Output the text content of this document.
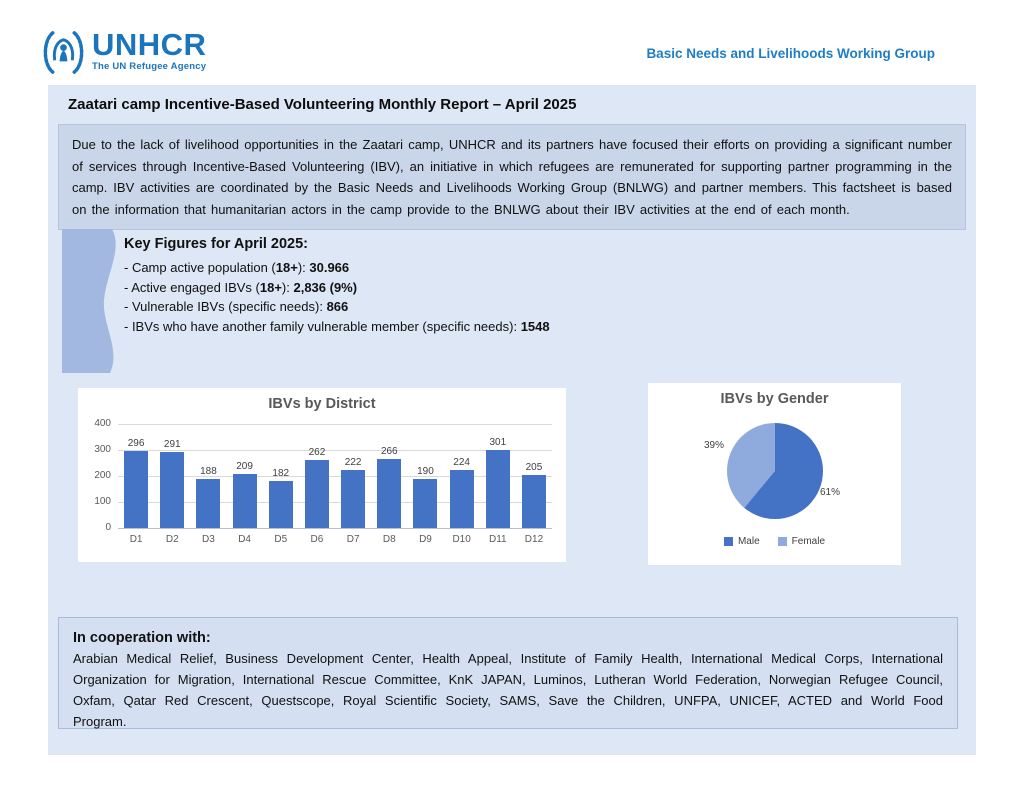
UNHCR
The UN Refugee Agency
Basic Needs and Livelihoods Working Group
Zaatari camp Incentive-Based Volunteering Monthly Report – April 2025
Due to the lack of livelihood opportunities in the Zaatari camp, UNHCR and its partners have focused their efforts on providing a significant number of services through Incentive-Based Volunteering (IBV), an initiative in which refugees are remunerated for supporting partner programming in the camp. IBV activities are coordinated by the Basic Needs and Livelihoods Working Group (BNLWG) and partner members. This factsheet is based on the information that humanitarian actors in the camp provide to the BNLWG about their IBV activities at the end of each month.
Key Figures for April 2025:
- Camp active population (18+): 30.966
- Active engaged IBVs (18+): 2,836 (9%)
- Vulnerable IBVs (specific needs): 866
- IBVs who have another family vulnerable member (specific needs): 1548
IBVs by District
0
100
200
300
400
296 291
188 209
182
262
222
266
190
224
301
205
D1	D2	D3	D4	D5	D6	D7	D8	D9	D10	D11	D12
IBVs by Gender
39%
61%
Male	Female
In cooperation with:
Arabian Medical Relief, Business Development Center, Health Appeal, Institute of Family Health, International Medical Corps, International Organization for Migration, International Rescue Committee, KnK JAPAN, Luminos, Lutheran World Federation, Norwegian Refugee Council, Oxfam, Qatar Red Crescent, Questscope, Royal Scientific Society, SAMS, Save the Children, UNFPA, UNICEF, ACTED and World Food Program.
